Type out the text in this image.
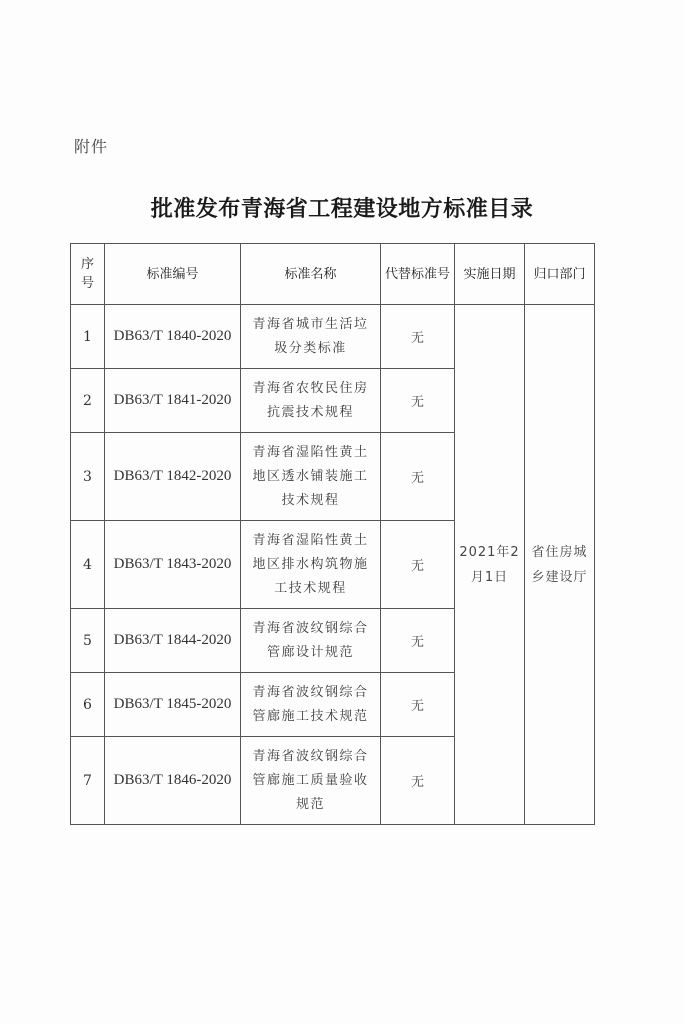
附件
批准发布青海省工程建设地方标准目录
序号	标准编号	标准名称	代替标准号	实施日期	归口部门
1	DB63/T 1840-2020	青海省城市生活垃圾分类标准	无	2021年2月1日	省住房城乡建设厅
2	DB63/T 1841-2020	青海省农牧民住房抗震技术规程	无		
3	DB63/T 1842-2020	青海省湿陷性黄土地区透水铺装施工技术规程	无		
4	DB63/T 1843-2020	青海省湿陷性黄土地区排水构筑物施工技术规程	无		
5	DB63/T 1844-2020	青海省波纹钢综合管廊设计规范	无		
6	DB63/T 1845-2020	青海省波纹钢综合管廊施工技术规范	无		
7	DB63/T 1846-2020	青海省波纹钢综合管廊施工质量验收规范	无		
